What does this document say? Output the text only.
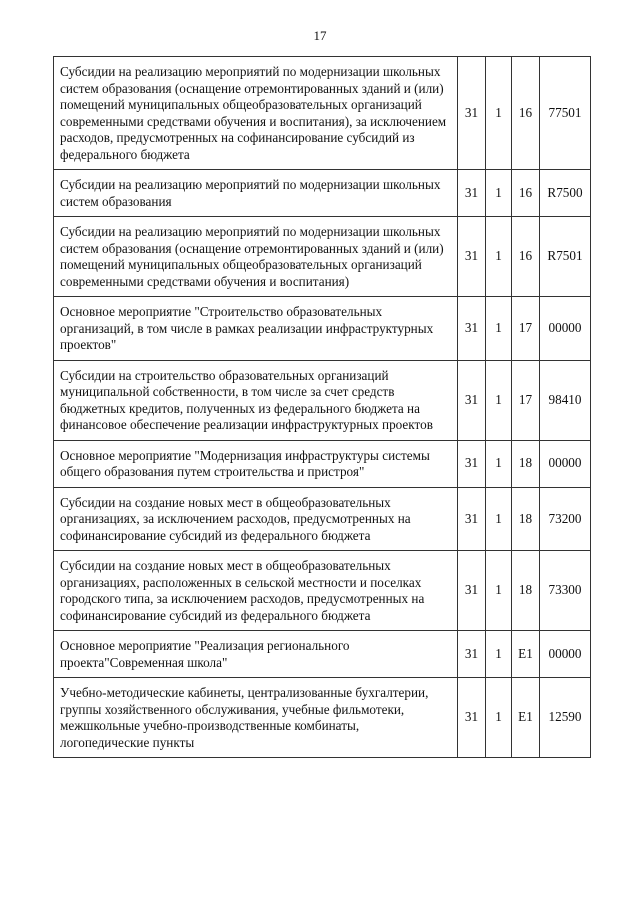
17
Субсидии на реализацию мероприятий по модернизации школьных систем образования (оснащение отремонтированных зданий и (или) помещений муниципальных общеобразовательных организаций современными средствами обучения и воспитания), за исключением расходов, предусмотренных на софинансирование субсидий из федерального бюджета	31	1	16	77501
Субсидии на реализацию мероприятий по модернизации школьных систем образования	31	1	16	R7500
Субсидии на реализацию мероприятий по модернизации школьных систем образования (оснащение отремонтированных зданий и (или) помещений муниципальных общеобразовательных организаций современными средствами обучения и воспитания)	31	1	16	R7501
Основное мероприятие "Строительство образовательных организаций, в том числе в рамках реализации инфраструктурных проектов"	31	1	17	00000
Субсидии на строительство образовательных организаций муниципальной собственности, в том числе за счет средств бюджетных кредитов, полученных из федерального бюджета на финансовое обеспечение реализации инфраструктурных проектов	31	1	17	98410
Основное мероприятие "Модернизация инфраструктуры системы общего образования путем строительства и пристроя"	31	1	18	00000
Субсидии на создание новых мест в общеобразовательных организациях, за исключением расходов, предусмотренных на софинансирование субсидий из федерального бюджета	31	1	18	73200
Субсидии на создание новых мест в общеобразовательных организациях, расположенных в сельской местности и поселках городского типа, за исключением расходов, предусмотренных на софинансирование субсидий из федерального бюджета	31	1	18	73300
Основное мероприятие "Реализация регионального проекта"Современная школа"	31	1	E1	00000
Учебно-методические кабинеты, централизованные бухгалтерии, группы хозяйственного обслуживания, учебные фильмотеки, межшкольные учебно-производственные комбинаты, логопедические пункты	31	1	E1	12590
